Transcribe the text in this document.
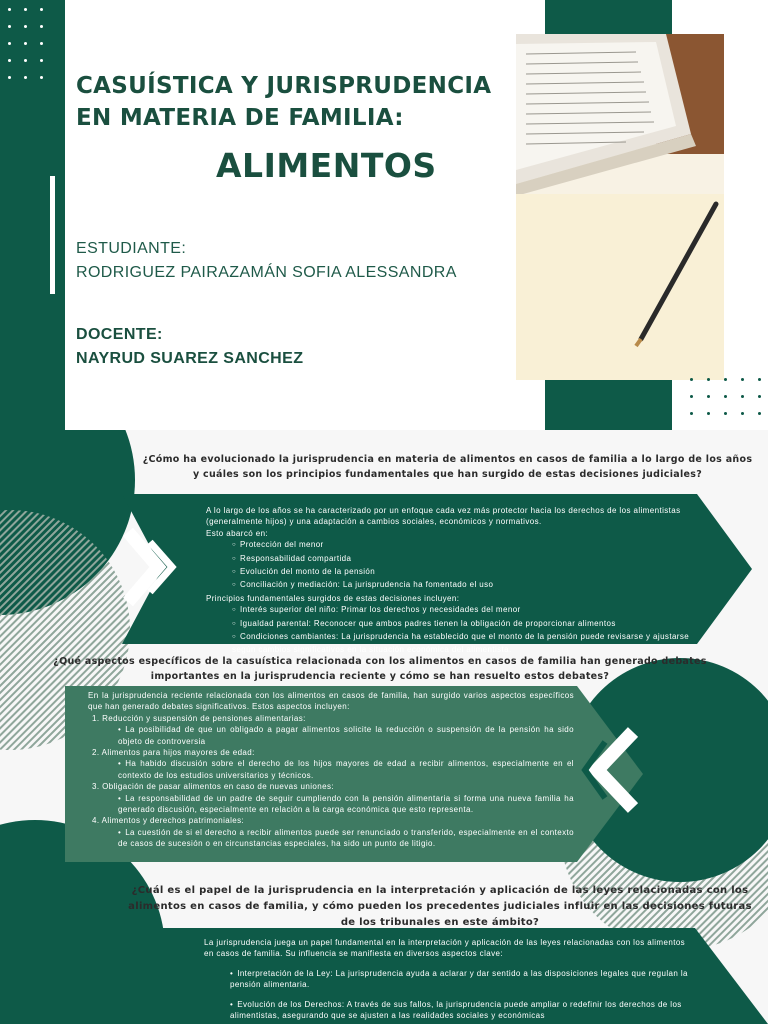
CASUÍSTICA Y JURISPRUDENCIA
EN MATERIA DE FAMILIA:
ALIMENTOS
ESTUDIANTE:
RODRIGUEZ PAIRAZAMÁN SOFIA ALESSANDRA
DOCENTE:
NAYRUD SUAREZ SANCHEZ
¿Cómo ha evolucionado la jurisprudencia en materia de alimentos en casos de familia a lo largo de los años y cuáles son los principios fundamentales que han surgido de estas decisiones judiciales?
A lo largo de los años se ha caracterizado por un enfoque cada vez más protector hacia los derechos de los alimentistas (generalmente hijos) y una adaptación a cambios sociales, económicos y normativos.
Esto abarcó en:
○ Protección del menor
○ Responsabilidad compartida
○ Evolución del monto de la pensión
○ Conciliación y mediación: La jurisprudencia ha fomentado el uso
Principios fundamentales surgidos de estas decisiones incluyen:
○ Interés superior del niño: Primar los derechos y necesidades del menor
○ Igualdad parental: Reconocer que ambos padres tienen la obligación de proporcionar alimentos
○ Condiciones cambiantes: La jurisprudencia ha establecido que el monto de la pensión puede revisarse y ajustarse según cambios significativos en la situación económica del alimentista.
¿Qué aspectos específicos de la casuística relacionada con los alimentos en casos de familia han generado debates importantes en la jurisprudencia reciente y cómo se han resuelto estos debates?
En la jurisprudencia reciente relacionada con los alimentos en casos de familia, han surgido varios aspectos específicos que han generado debates significativos. Estos aspectos incluyen:
1. Reducción y suspensión de pensiones alimentarias:
• La posibilidad de que un obligado a pagar alimentos solicite la reducción o suspensión de la pensión ha sido objeto de controversia
2. Alimentos para hijos mayores de edad:
• Ha habido discusión sobre el derecho de los hijos mayores de edad a recibir alimentos, especialmente en el contexto de los estudios universitarios y técnicos.
3. Obligación de pasar alimentos en caso de nuevas uniones:
• La responsabilidad de un padre de seguir cumpliendo con la pensión alimentaria si forma una nueva familia ha generado discusión, especialmente en relación a la carga económica que esto representa.
4. Alimentos y derechos patrimoniales:
• La cuestión de si el derecho a recibir alimentos puede ser renunciado o transferido, especialmente en el contexto de casos de sucesión o en circunstancias especiales, ha sido un punto de litigio.
¿Cuál es el papel de la jurisprudencia en la interpretación y aplicación de las leyes relacionadas con los alimentos en casos de familia, y cómo pueden los precedentes judiciales influir en las decisiones futuras de los tribunales en este ámbito?
La jurisprudencia juega un papel fundamental en la interpretación y aplicación de las leyes relacionadas con los alimentos en casos de familia. Su influencia se manifiesta en diversos aspectos clave:
• Interpretación de la Ley: La jurisprudencia ayuda a aclarar y dar sentido a las disposiciones legales que regulan la pensión alimentaria.
• Evolución de los Derechos: A través de sus fallos, la jurisprudencia puede ampliar o redefinir los derechos de los alimentistas, asegurando que se ajusten a las realidades sociales y económicas
